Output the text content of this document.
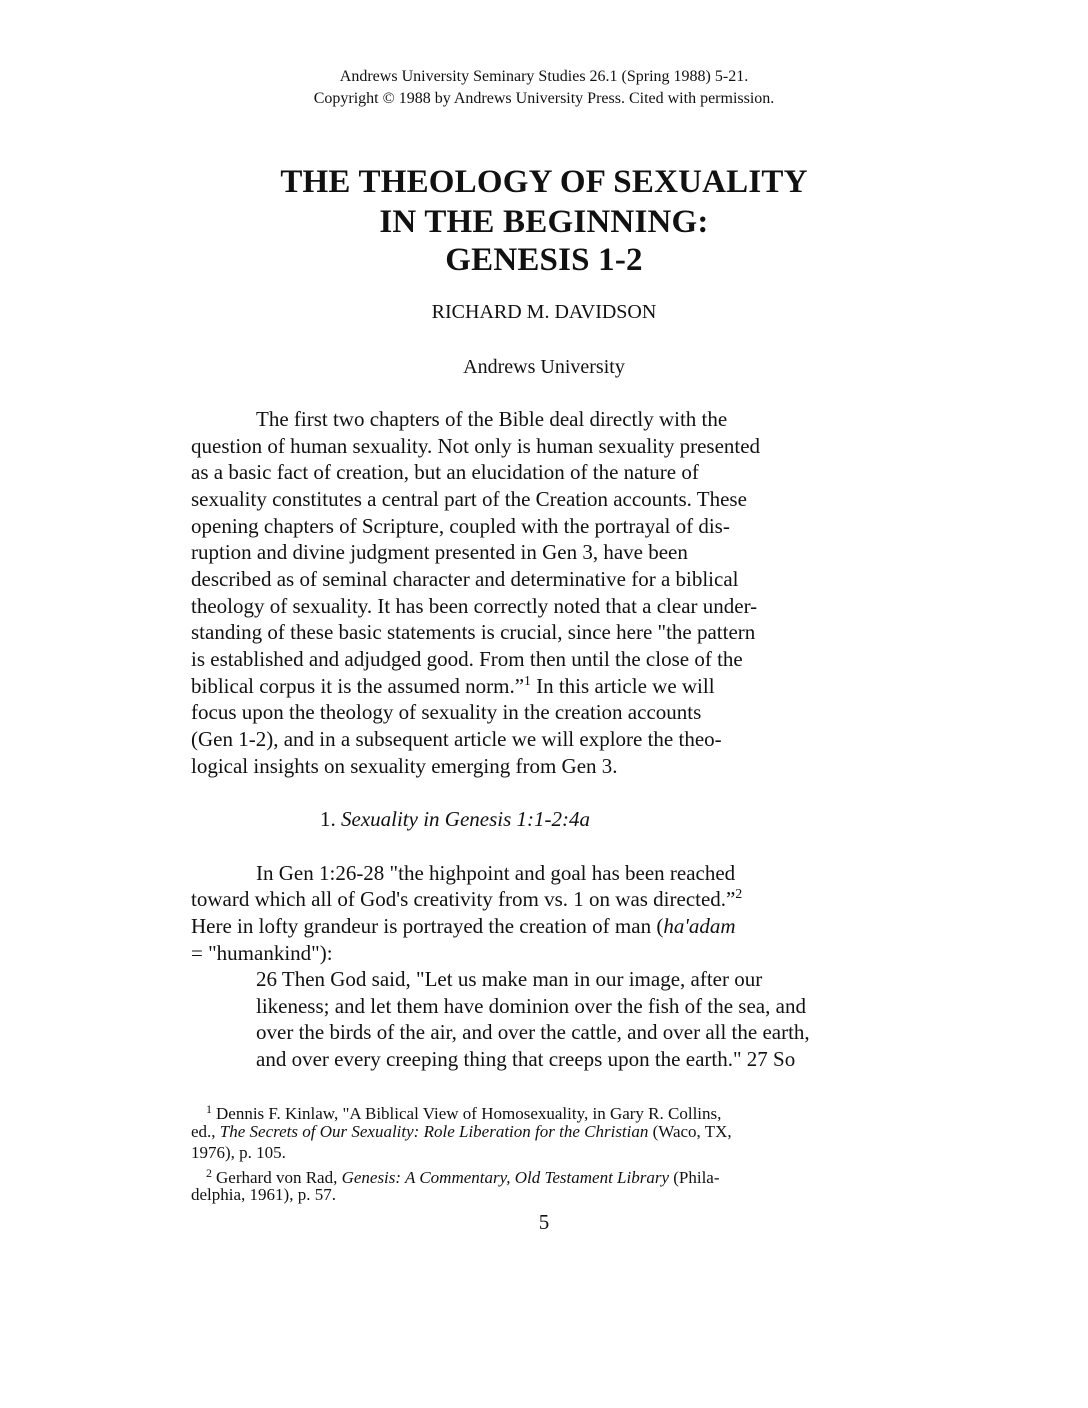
Andrews University Seminary Studies 26.1 (Spring 1988) 5-21.
Copyright © 1988 by Andrews University Press. Cited with permission.
THE THEOLOGY OF SEXUALITY
IN THE BEGINNING:
GENESIS 1-2
RICHARD M. DAVIDSON
Andrews University
The first two chapters of the Bible deal directly with the
question of human sexuality. Not only is human sexuality presented
as a basic fact of creation, but an elucidation of the nature of
sexuality constitutes a central part of the Creation accounts. These
opening chapters of Scripture, coupled with the portrayal of dis-
ruption and divine judgment presented in Gen 3, have been
described as of seminal character and determinative for a biblical
theology of sexuality. It has been correctly noted that a clear under-
standing of these basic statements is crucial, since here "the pattern
is established and adjudged good. From then until the close of the
biblical corpus it is the assumed norm.”$^1$ In this article we will
focus upon the theology of sexuality in the creation accounts
(Gen 1-2), and in a subsequent article we will explore the theo-
logical insights on sexuality emerging from Gen 3.
1. Sexuality in Genesis 1:1-2:4a
In Gen 1:26-28 "the highpoint and goal has been reached
toward which all of God's creativity from vs. 1 on was directed.”$^2$
Here in lofty grandeur is portrayed the creation of man (ha'adam
= "humankind"):
26 Then God said, "Let us make man in our image, after our
likeness; and let them have dominion over the fish of the sea, and
over the birds of the air, and over the cattle, and over all the earth,
and over every creeping thing that creeps upon the earth." 27 So
$^1$ Dennis F. Kinlaw, "A Biblical View of Homosexuality, in Gary R. Collins,
ed., The Secrets of Our Sexuality: Role Liberation for the Christian (Waco, TX,
1976), p. 105.
$^2$ Gerhard von Rad, Genesis: A Commentary, Old Testament Library (Phila-
delphia, 1961), p. 57.
5
